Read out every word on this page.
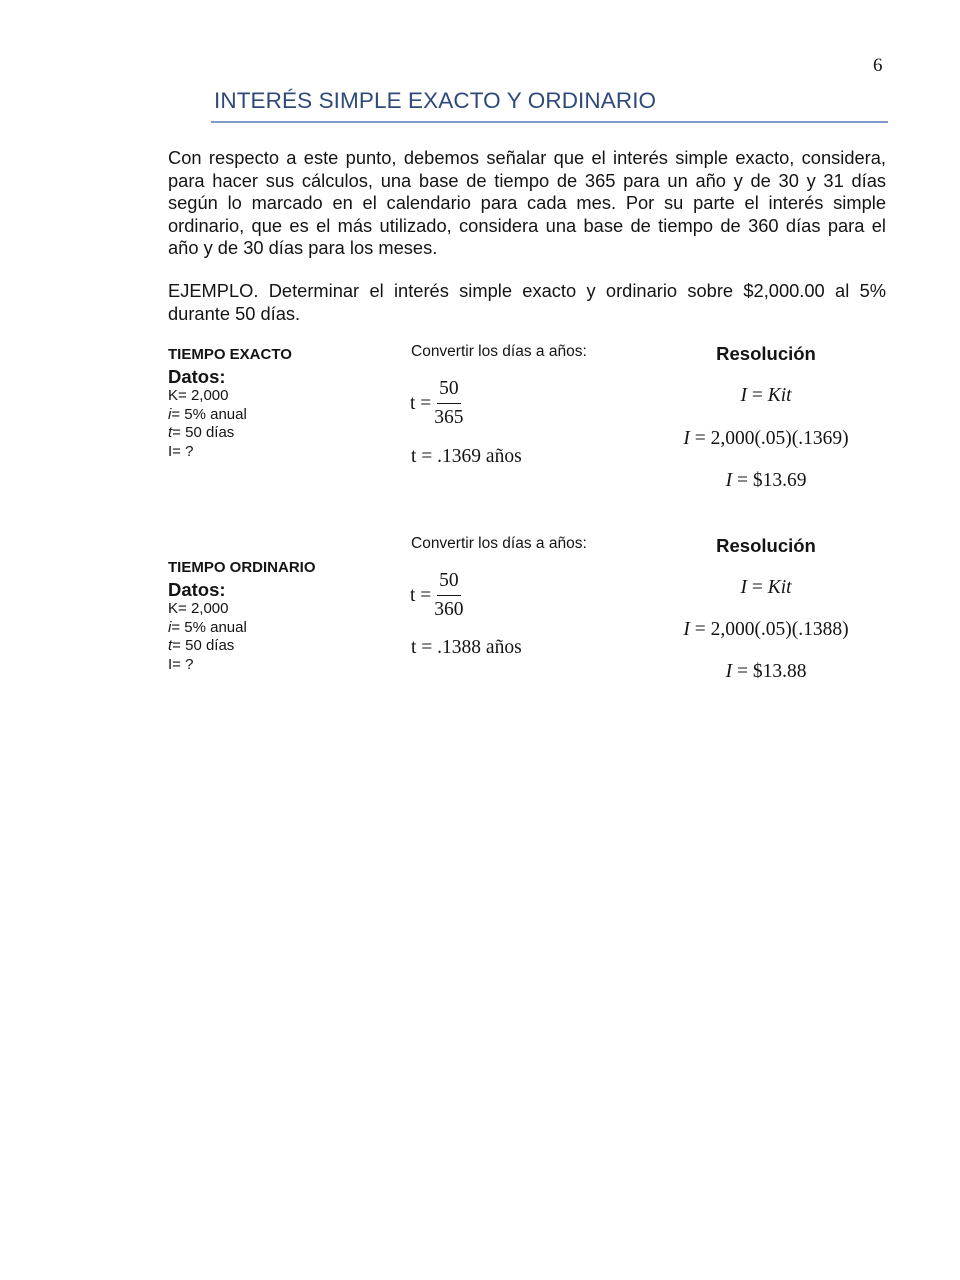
6
INTERÉS SIMPLE EXACTO Y ORDINARIO
Con respecto a este punto, debemos señalar que el interés simple exacto, considera, para hacer sus cálculos, una base de tiempo de 365 para un año y de 30 y 31 días según lo marcado en el calendario para cada mes. Por su parte el interés simple ordinario, que es el más utilizado, considera una base de tiempo de 360 días para el año y de 30 días para los meses.
EJEMPLO. Determinar el interés simple exacto y ordinario sobre $2,000.00 al 5% durante 50 días.
TIEMPO EXACTO
Datos:
K= 2,000
i= 5% anual
t= 50 días
I= ?
Convertir los días a años:
$t = \frac{50}{365}$
t = .1369 años
Resolución
I = Kit
I = 2,000(.05)(.1369)
I = $13.69
Convertir los días a años:	Resolución
TIEMPO ORDINARIO
Datos:
K= 2,000
i= 5% anual
t= 50 días
I= ?
$t = \frac{50}{360}$
t = .1388 años
I = Kit
I = 2,000(.05)(.1388)
I = $13.88
